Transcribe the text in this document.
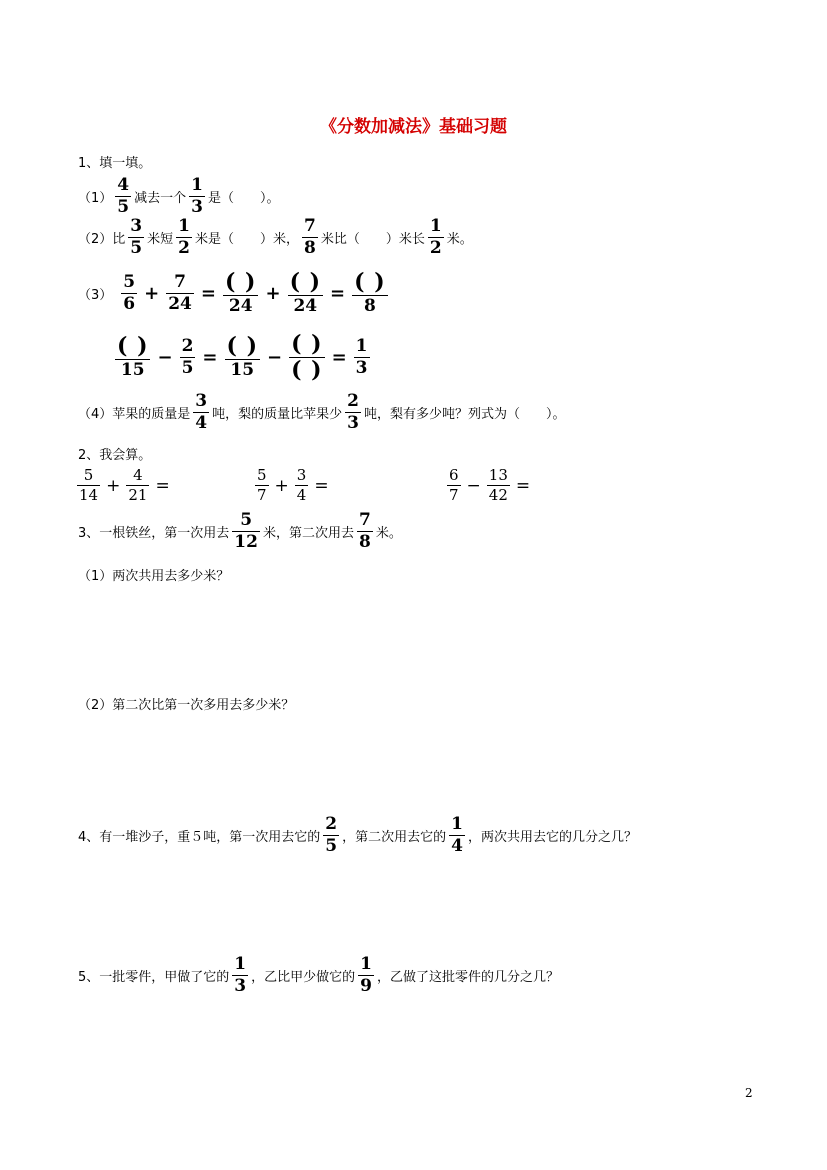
《分数加减法》基础习题
1、填一填。
$(1) \frac{4}{5}$ 减去一个 $\frac{1}{3}$ 是（　　）。
（2）比 $\frac{3}{5}$ 米短 $\frac{1}{2}$ 米是（　　）米， $\frac{7}{8}$ 米比（　　）米长 $\frac{1}{2}$ 米。
$(3) \frac{5}{6} + \frac{7}{24} = \frac{( )}{24} + \frac{( )}{24} = \frac{( )}{8}$
$\frac{( )}{15} - \frac{2}{5} = \frac{( )}{15} - \frac{( )}{( )} = \frac{1}{3}$
（4）苹果的质量是 $\frac{3}{4}$ 吨，梨的质量比苹果少 $\frac{2}{3}$ 吨，梨有多少吨？列式为（　　）。
2、我会算。
$\frac{5}{14} + \frac{4}{21}$ =	$\frac{5}{7} + \frac{3}{4}$ =	$\frac{6}{7} - \frac{13}{42}$ =
3、一根铁丝，第一次用去 $\frac{5}{12}$ 米，第二次用去 $\frac{7}{8}$ 米。
（1）两次共用去多少米？
（2）第二次比第一次多用去多少米？
4、有一堆沙子，重５吨，第一次用去它的 $\frac{2}{5}$ ，第二次用去它的 $\frac{1}{4}$ ，两次共用去它的几分之几？
5、一批零件，甲做了它的 $\frac{1}{3}$ ，乙比甲少做它的 $\frac{1}{9}$ ，乙做了这批零件的几分之几？
2
